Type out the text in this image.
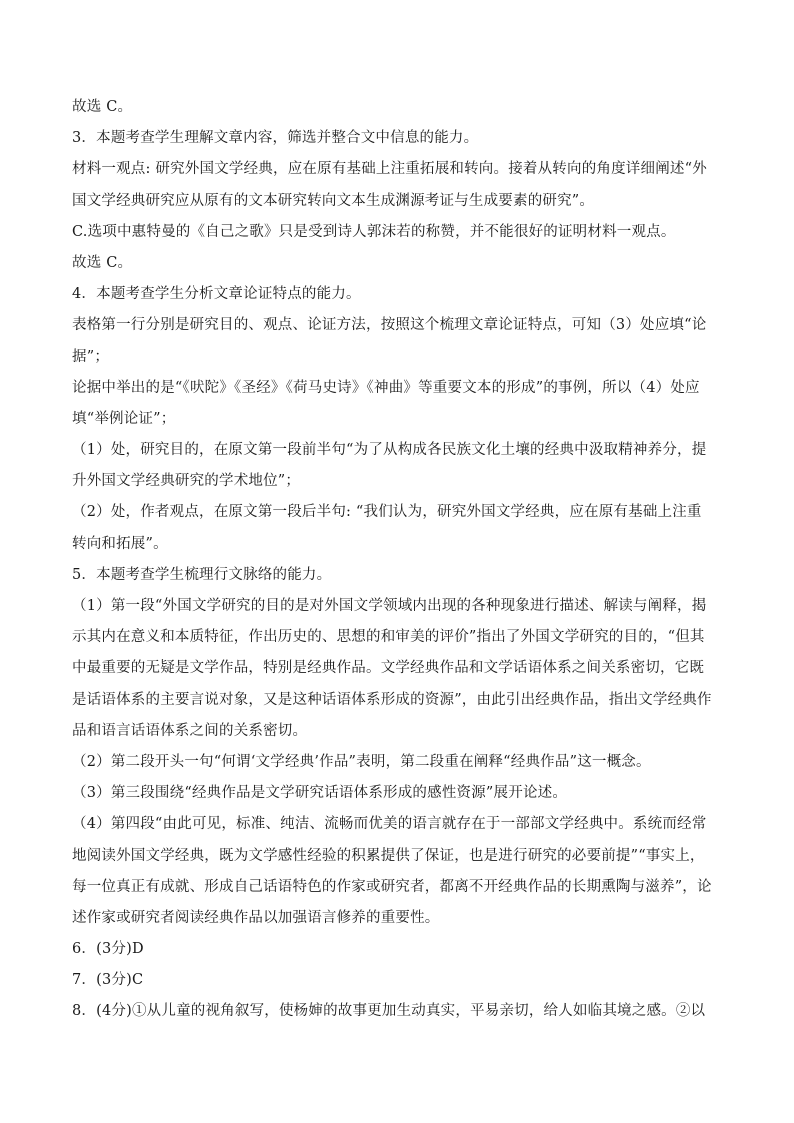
故选 C。
3．本题考查学生理解文章内容，筛选并整合文中信息的能力。
材料一观点: 研究外国文学经典，应在原有基础上注重拓展和转向。接着从转向的角度详细阐述“外
国文学经典研究应从原有的文本研究转向文本生成渊源考证与生成要素的研究”。
C.选项中惠特曼的《自己之歌》只是受到诗人郭沫若的称赞，并不能很好的证明材料一观点。
故选 C。
4．本题考查学生分析文章论证特点的能力。
表格第一行分别是研究目的、观点、论证方法，按照这个梳理文章论证特点，可知（3）处应填“论
据”；
论据中举出的是“《吠陀》《圣经》《荷马史诗》《神曲》等重要文本的形成”的事例，所以（4）处应
填“举例论证”；
（1）处，研究目的，在原文第一段前半句“为了从构成各民族文化土壤的经典中汲取精神养分，提
升外国文学经典研究的学术地位”；
（2）处，作者观点，在原文第一段后半句: “我们认为，研究外国文学经典，应在原有基础上注重
转向和拓展”。
5．本题考查学生梳理行文脉络的能力。
（1）第一段“外国文学研究的目的是对外国文学领域内出现的各种现象进行描述、解读与阐释，揭
示其内在意义和本质特征，作出历史的、思想的和审美的评价”指出了外国文学研究的目的，“但其
中最重要的无疑是文学作品，特别是经典作品。文学经典作品和文学话语体系之间关系密切，它既
是话语体系的主要言说对象，又是这种话语体系形成的资源”，由此引出经典作品，指出文学经典作
品和语言话语体系之间的关系密切。
（2）第二段开头一句“何谓‘文学经典’作品”表明，第二段重在阐释“经典作品”这一概念。
（3）第三段围绕“经典作品是文学研究话语体系形成的感性资源”展开论述。
（4）第四段“由此可见，标准、纯洁、流畅而优美的语言就存在于一部部文学经典中。系统而经常
地阅读外国文学经典，既为文学感性经验的积累提供了保证，也是进行研究的必要前提”“事实上，
每一位真正有成就、形成自己话语特色的作家或研究者，都离不开经典作品的长期熏陶与滋养”，论
述作家或研究者阅读经典作品以加强语言修养的重要性。
6．(3分)D
7．(3分)C
8．(4分)①从儿童的视角叙写，使杨婶的故事更加生动真实，平易亲切，给人如临其境之感。②以
